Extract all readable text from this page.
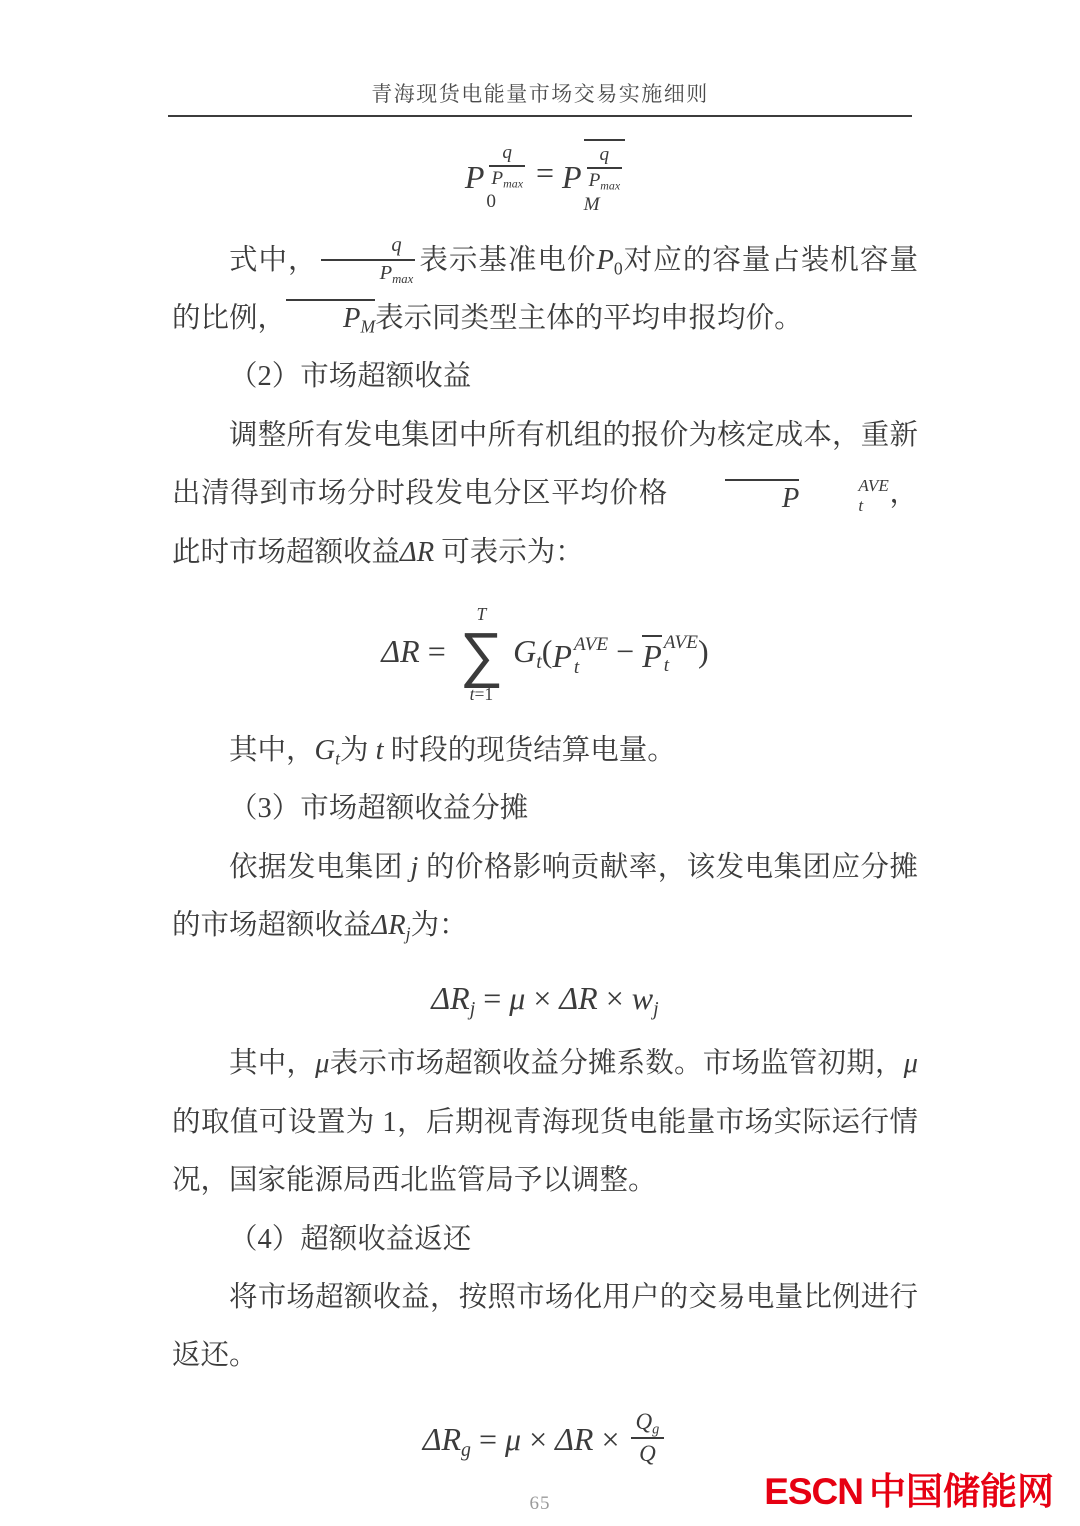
青海现货电能量市场交易实施细则
P $\frac{q}{Pmax}$
0
= P $\frac{q}{Pmax}$
M
式中， $\frac{q}{Pmax}$ 表示基准电价P0对应的容量占装机容量的比例， PM表示同类型主体的平均申报均价。
（2）市场超额收益
调整所有发电集团中所有机组的报价为核定成本，重新出清得到市场分时段发电分区平均价格	P	AVE
t ，此时市场超额收益ΔR 可表示为：
ΔR =
T
∑
t=1
Gt( P AVE
t − P AVE
t )
其中，Gt为 t 时段的现货结算电量。
（3）市场超额收益分摊
依据发电集团 j 的价格影响贡献率，该发电集团应分摊的市场超额收益ΔRj为：
ΔRj = μ × ΔR × wj
其中，μ表示市场超额收益分摊系数。市场监管初期，μ 的取值可设置为 1，后期视青海现货电能量市场实际运行情况，国家能源局西北监管局予以调整。
（4）超额收益返还
将市场超额收益，按照市场化用户的交易电量比例进行返还。
$\Delta Rg = \mu \times \Delta R \times \frac{Qg}{Q}$
65	ESCN 中国储能网
